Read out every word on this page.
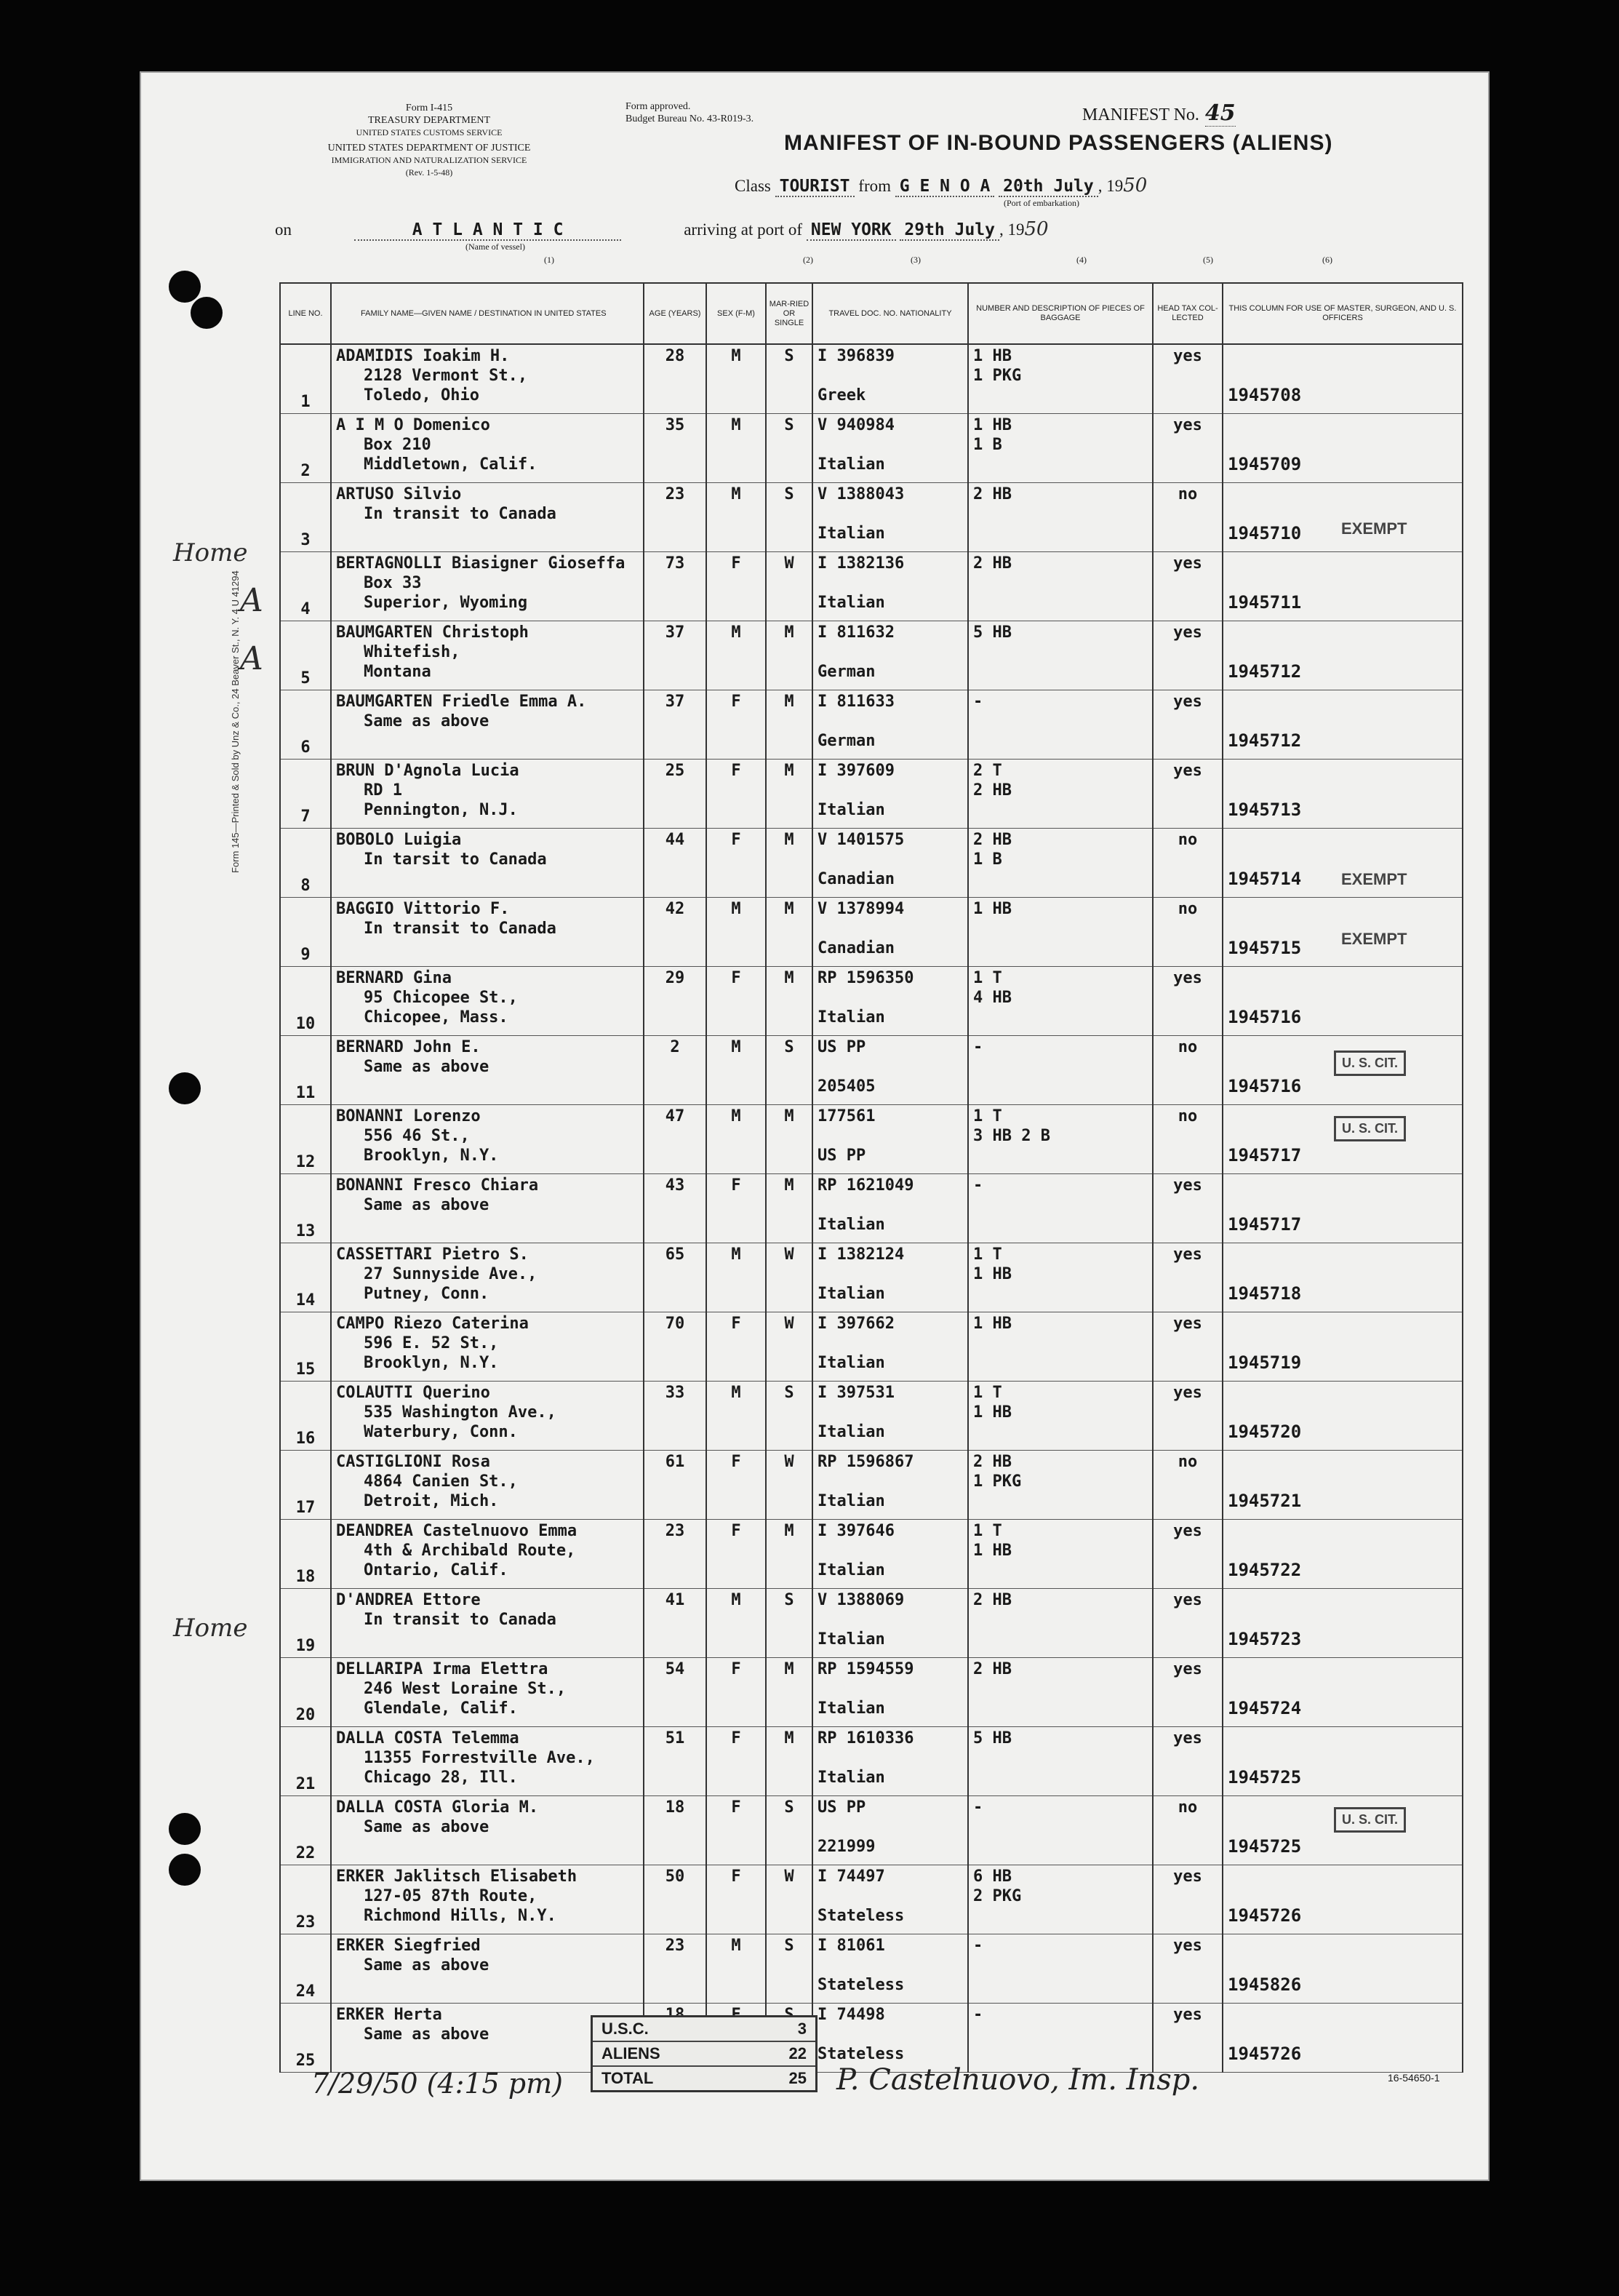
Form 145—Printed & Sold by Unz & Co., 24 Beaver St., N. Y. 4 U 41294
Home
A
A
Home
Form I-415
TREASURY DEPARTMENT
UNITED STATES CUSTOMS SERVICE
UNITED STATES DEPARTMENT OF JUSTICE
IMMIGRATION AND NATURALIZATION SERVICE
(Rev. 1-5-48)
Form approved.
Budget Bureau No. 43-R019-3.	MANIFEST No. 45
MANIFEST OF IN-BOUND PASSENGERS (ALIENS)
Class TOURIST from G E N O A 20th July , 1950
(Port of embarkation)
on	A T L A N T I C	arriving at port of NEW YORK 29th July , 1950
(Name of vessel)
(1)	(2)	(3)	(4)	(5)	(6)
LINE NO.	FAMILY NAME—GIVEN NAME / DESTINATION IN UNITED STATES	AGE (YEARS)	SEX (F-M)	MAR-RIED OR SINGLE	TRAVEL DOC. NO. NATIONALITY	NUMBER AND DESCRIPTION OF PIECES OF BAGGAGE	HEAD TAX COL-LECTED	THIS COLUMN FOR USE OF MASTER, SURGEON, AND U. S. OFFICERS
1	ADAMIDIS Ioakim H.
2128 Vermont St.,
Toledo, Ohio	28	M	S	I 396839

Greek	1 HB
1 PKG	yes	1945708
2	A I M O Domenico
Box 210
Middletown, Calif.	35	M	S	V 940984

Italian	1 HB
1 B	yes	1945709
3	ARTUSO Silvio
In transit to Canada	23	M	S	V 1388043

Italian	2 HB	no	1945710
4	BERTAGNOLLI Biasigner Gioseffa
Box 33
Superior, Wyoming	73	F	W	I 1382136

Italian	2 HB	yes	1945711
5	BAUMGARTEN Christoph
Whitefish,
Montana	37	M	M	I 811632

German	5 HB	yes	1945712
6	BAUMGARTEN Friedle Emma A.
Same as above	37	F	M	I 811633

German	-	yes	1945712
7	BRUN D'Agnola Lucia
RD 1
Pennington, N.J.	25	F	M	I 397609

Italian	2 T
2 HB	yes	1945713
8	BOBOLO Luigia
In tarsit to Canada	44	F	M	V 1401575

Canadian	2 HB
1 B	no	1945714
9	BAGGIO Vittorio F.
In transit to Canada	42	M	M	V 1378994

Canadian	1 HB	no	1945715
10	BERNARD Gina
95 Chicopee St.,
Chicopee, Mass.	29	F	M	RP 1596350

Italian	1 T
4 HB	yes	1945716
11	BERNARD John E.
Same as above	2	M	S	US PP

205405	-	no	1945716
12	BONANNI Lorenzo
556 46 St.,
Brooklyn, N.Y.	47	M	M	177561

US PP	1 T
3 HB 2 B	no	1945717
13	BONANNI Fresco Chiara
Same as above	43	F	M	RP 1621049

Italian	-	yes	1945717
14	CASSETTARI Pietro S.
27 Sunnyside Ave.,
Putney, Conn.	65	M	W	I 1382124

Italian	1 T
1 HB	yes	1945718
15	CAMPO Riezo Caterina
596 E. 52 St.,
Brooklyn, N.Y.	70	F	W	I 397662

Italian	1 HB	yes	1945719
16	COLAUTTI Querino
535 Washington Ave.,
Waterbury, Conn.	33	M	S	I 397531

Italian	1 T
1 HB	yes	1945720
17	CASTIGLIONI Rosa
4864 Canien St.,
Detroit, Mich.	61	F	W	RP 1596867

Italian	2 HB
1 PKG	no	1945721
18	DEANDREA Castelnuovo Emma
4th & Archibald Route,
Ontario, Calif.	23	F	M	I 397646

Italian	1 T
1 HB	yes	1945722
19	D'ANDREA Ettore
In transit to Canada	41	M	S	V 1388069

Italian	2 HB	yes	1945723
20	DELLARIPA Irma Elettra
246 West Loraine St.,
Glendale, Calif.	54	F	M	RP 1594559

Italian	2 HB	yes	1945724
21	DALLA COSTA Telemma
11355 Forrestville Ave.,
Chicago 28, Ill.	51	F	M	RP 1610336

Italian	5 HB	yes	1945725
22	DALLA COSTA Gloria M.
Same as above	18	F	S	US PP

221999	-	no	1945725
23	ERKER Jaklitsch Elisabeth
127-05 87th Route,
Richmond Hills, N.Y.	50	F	W	I 74497

Stateless	6 HB
2 PKG	yes	1945726
24	ERKER Siegfried
Same as above	23	M	S	I 81061

Stateless	-	yes	1945826
25	ERKER Herta
Same as above				I 74498

Stateless	-	yes	1945726
EXEMPT
EXEMPT
EXEMPT
U. S. CIT.
U. S. CIT.
U. S. CIT.
U.S.C.	3
ALIENS	22
TOTAL	25
7/29/50 (4:15 pm)	P. Castelnuovo, Im. Insp.	16-54650-1
